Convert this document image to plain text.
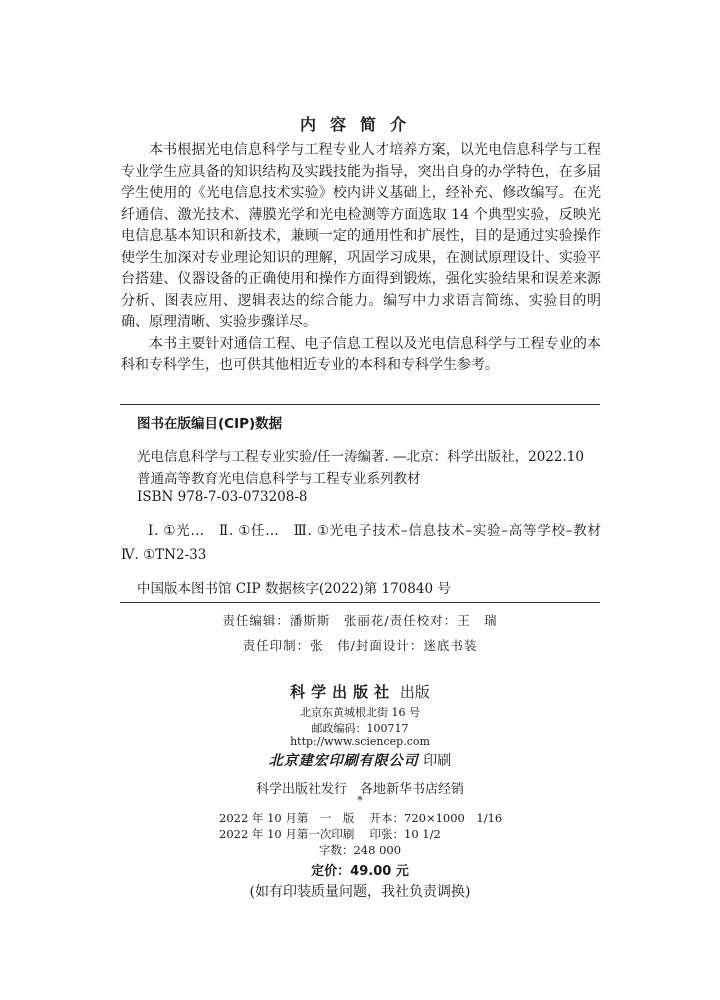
内容简介

本书根据光电信息科学与工程专业人才培养方案，以光电信息科学与工程专业学生应具备的知识结构及实践技能为指导，突出自身的办学特色，在多届学生使用的《光电信息技术实验》校内讲义基础上，经补充、修改编写。在光纤通信、激光技术、薄膜光学和光电检测等方面选取 14 个典型实验，反映光电信息基本知识和新技术，兼顾一定的通用性和扩展性，目的是通过实验操作使学生加深对专业理论知识的理解，巩固学习成果，在测试原理设计、实验平台搭建、仪器设备的正确使用和操作方面得到锻炼，强化实验结果和误差来源分析、图表应用、逻辑表达的综合能力。编写中力求语言简练、实验目的明确、原理清晰、实验步骤详尽。

本书主要针对通信工程、电子信息工程以及光电信息科学与工程专业的本科和专科学生，也可供其他相近专业的本科和专科学生参考。

图书在版编目(CIP)数据
光电信息科学与工程专业实验/任一涛编著. —北京：科学出版社，2022.10
普通高等教育光电信息科学与工程专业系列教材
ISBN 978-7-03-073208-8
Ⅰ. ①光…　Ⅱ. ①任…　Ⅲ. ①光电子技术–信息技术–实验–高等学校–教材　Ⅳ. ①TN2-33
中国版本图书馆 CIP 数据核字(2022)第 170840 号
责任编辑：潘斯斯　张丽花/责任校对：王　瑞
责任印制：张　伟/封面设计：迷底书装
科学出版社 出版
北京东黄城根北街 16 号
邮政编码：100717
http://www.sciencep.com
北京建宏印刷有限公司 印刷
科学出版社发行　各地新华书店经销
*
2022 年 10 月第　一　版　 开本：720×1000　1/16
2022 年 10 月第一次印刷　 印张：10 1/2
字数：248 000
定价：49.00 元
(如有印装质量问题，我社负责调换)
